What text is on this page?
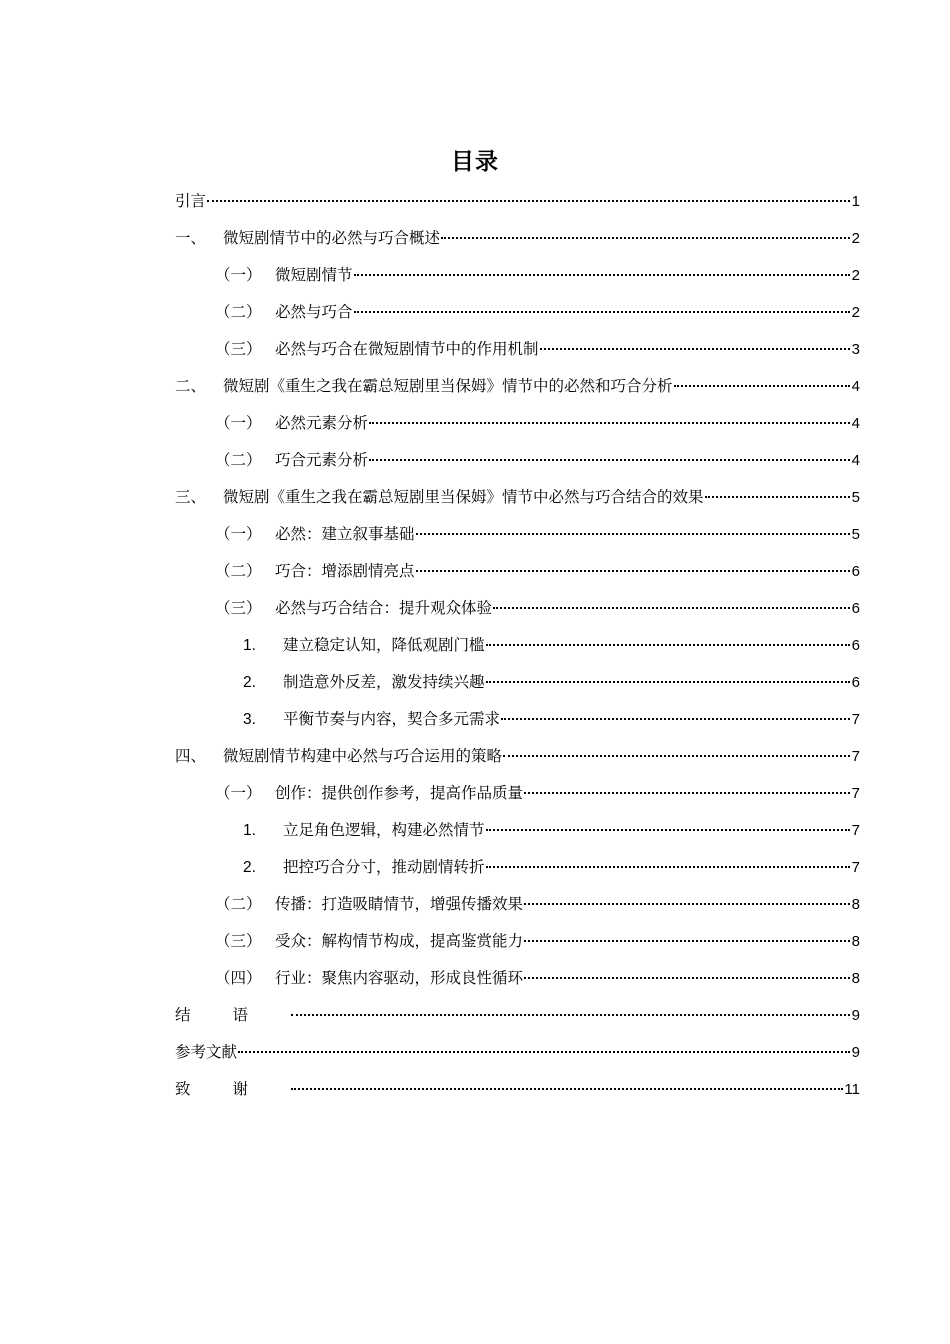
目录
引言	1
一、	微短剧情节中的必然与巧合概述	2
（一） 微短剧情节	2
（二） 必然与巧合	2
（三） 必然与巧合在微短剧情节中的作用机制	3
二、	微短剧《重生之我在霸总短剧里当保姆》情节中的必然和巧合分析	4
（一） 必然元素分析	4
（二） 巧合元素分析	4
三、	微短剧《重生之我在霸总短剧里当保姆》情节中必然与巧合结合的效果	5
（一） 必然：建立叙事基础	5
（二） 巧合：增添剧情亮点	6
（三） 必然与巧合结合：提升观众体验	6
1.	建立稳定认知，降低观剧门槛	6
2.	制造意外反差，激发持续兴趣	6
3.	平衡节奏与内容，契合多元需求	7
四、	微短剧情节构建中必然与巧合运用的策略	7
（一） 创作：提供创作参考，提高作品质量	7
1.	立足角色逻辑，构建必然情节	7
2.	把控巧合分寸，推动剧情转折	7
（二） 传播：打造吸睛情节，增强传播效果	8
（三） 受众：解构情节构成，提高鉴赏能力	8
（四） 行业：聚焦内容驱动，形成良性循环	8
结语	9
参考文献	9
致谢	11
